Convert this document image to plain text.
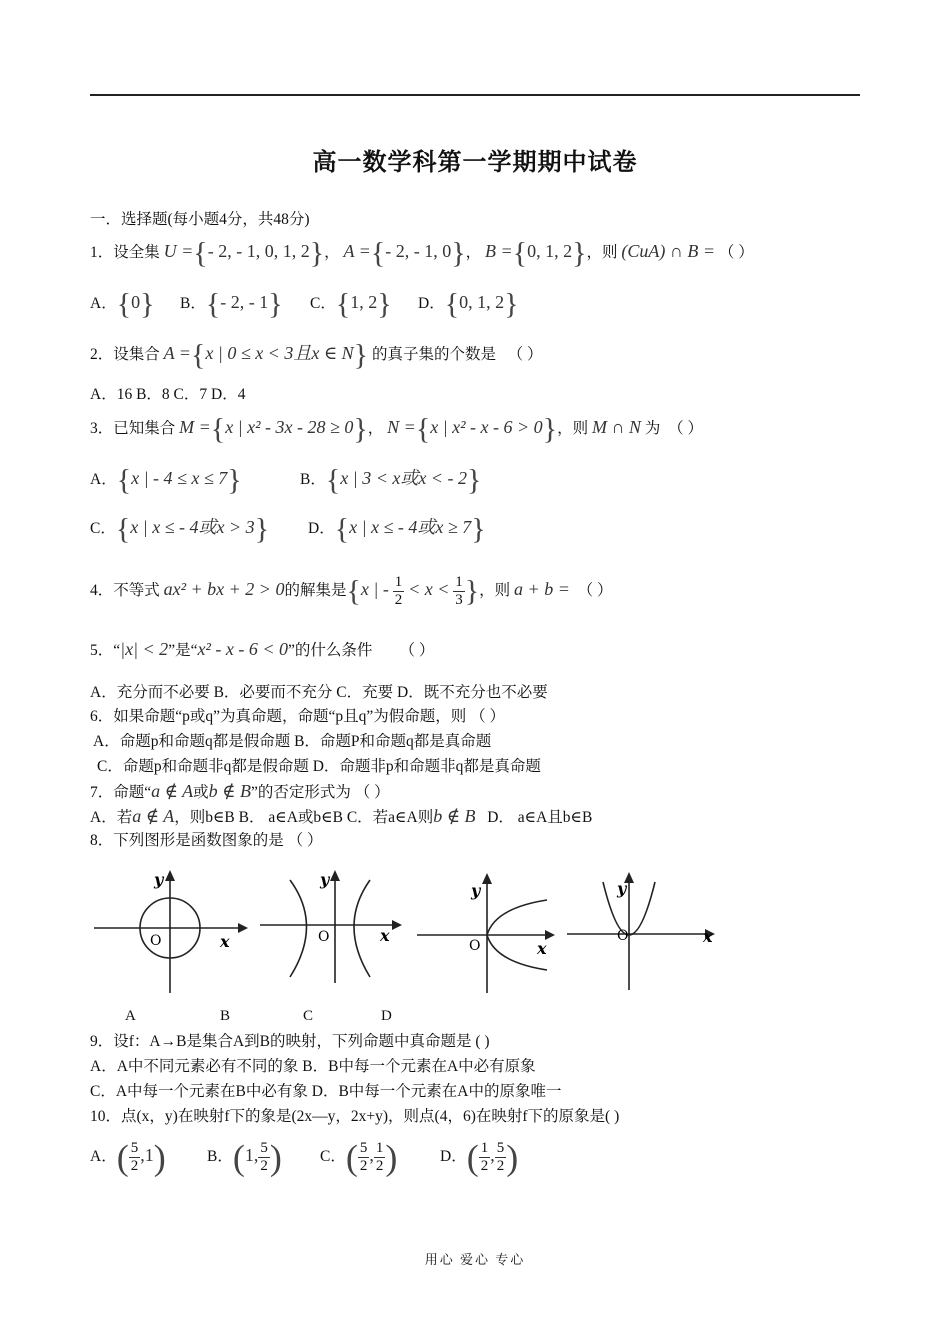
高一数学科第一学期期中试卷
一．选择题(每小题4分，共48分)
1．设全集 U ={- 2, - 1, 0, 1, 2}， A ={- 2, - 1, 0}， B ={0, 1, 2}，则 (CuA) ∩ B = （ ）
A．{0} B．{- 2, - 1} C．{1, 2} D．{0, 1, 2}
2．设集合 A ={x | 0 ≤ x < 3且x ∈ N} 的真子集的个数是 （ ）
A．16 B．8 C．7 D．4
3．已知集合 M ={x | x² - 3x - 28 ≥ 0}， N ={x | x² - x - 6 > 0}，则 M ∩ N 为 （ ）
A．{x | - 4 ≤ x ≤ 7}	B．{x | 3 < x或x < - 2}
C．{x | x ≤ - 4或x > 3}	D．{x | x ≤ - 4或x ≥ 7}
4．不等式 ax² + bx + 2 > 0的解集是{x | - $\frac{1}{2} < x < \frac{1}{3}$ }，则 a + b = （ ）
5．“|x| < 2”是“x² - x - 6 < 0”的什么条件 （ ）
A．充分而不必要 B．必要而不充分 C．充要 D．既不充分也不必要
6．如果命题“p或q”为真命题，命题“p且q”为假命题，则 （ ）
A．命题p和命题q都是假命题 B．命题P和命题q都是真命题
C．命题p和命题非q都是假命题 D．命题非p和命题非q都是真命题
7．命题“a ∉ A或b ∉ B”的否定形式为 （ ）
A．若a ∉ A，则b∈B B． a∈A或b∈B C．若a∈A则b ∉ B D． a∈A且b∈B
8．下列图形是函数图象的是 （ ）
y
x
O
y
x
O
y
x
O
y
x
O
A	B	C	D
9．设f：A→B是集合A到B的映射，下列命题中真命题是 ( )
A．A中不同元素必有不同的象 B．B中每一个元素在A中必有原象
C．A中每一个元素在B中必有象 D．B中每一个元素在A中的原象唯一
10．点(x，y)在映射f下的象是(2x—y，2x+y)，则点(4，6)在映射f下的原象是( )
A．( $\frac{5}{2} ,1$)	B．(1, $\frac{5}{2}$ ) C．( $\frac{5}{2}$ , $\frac{1}{2}$ )	D．( $\frac{1}{2}$ , $\frac{5}{2}$ )
用心 爱心 专心
